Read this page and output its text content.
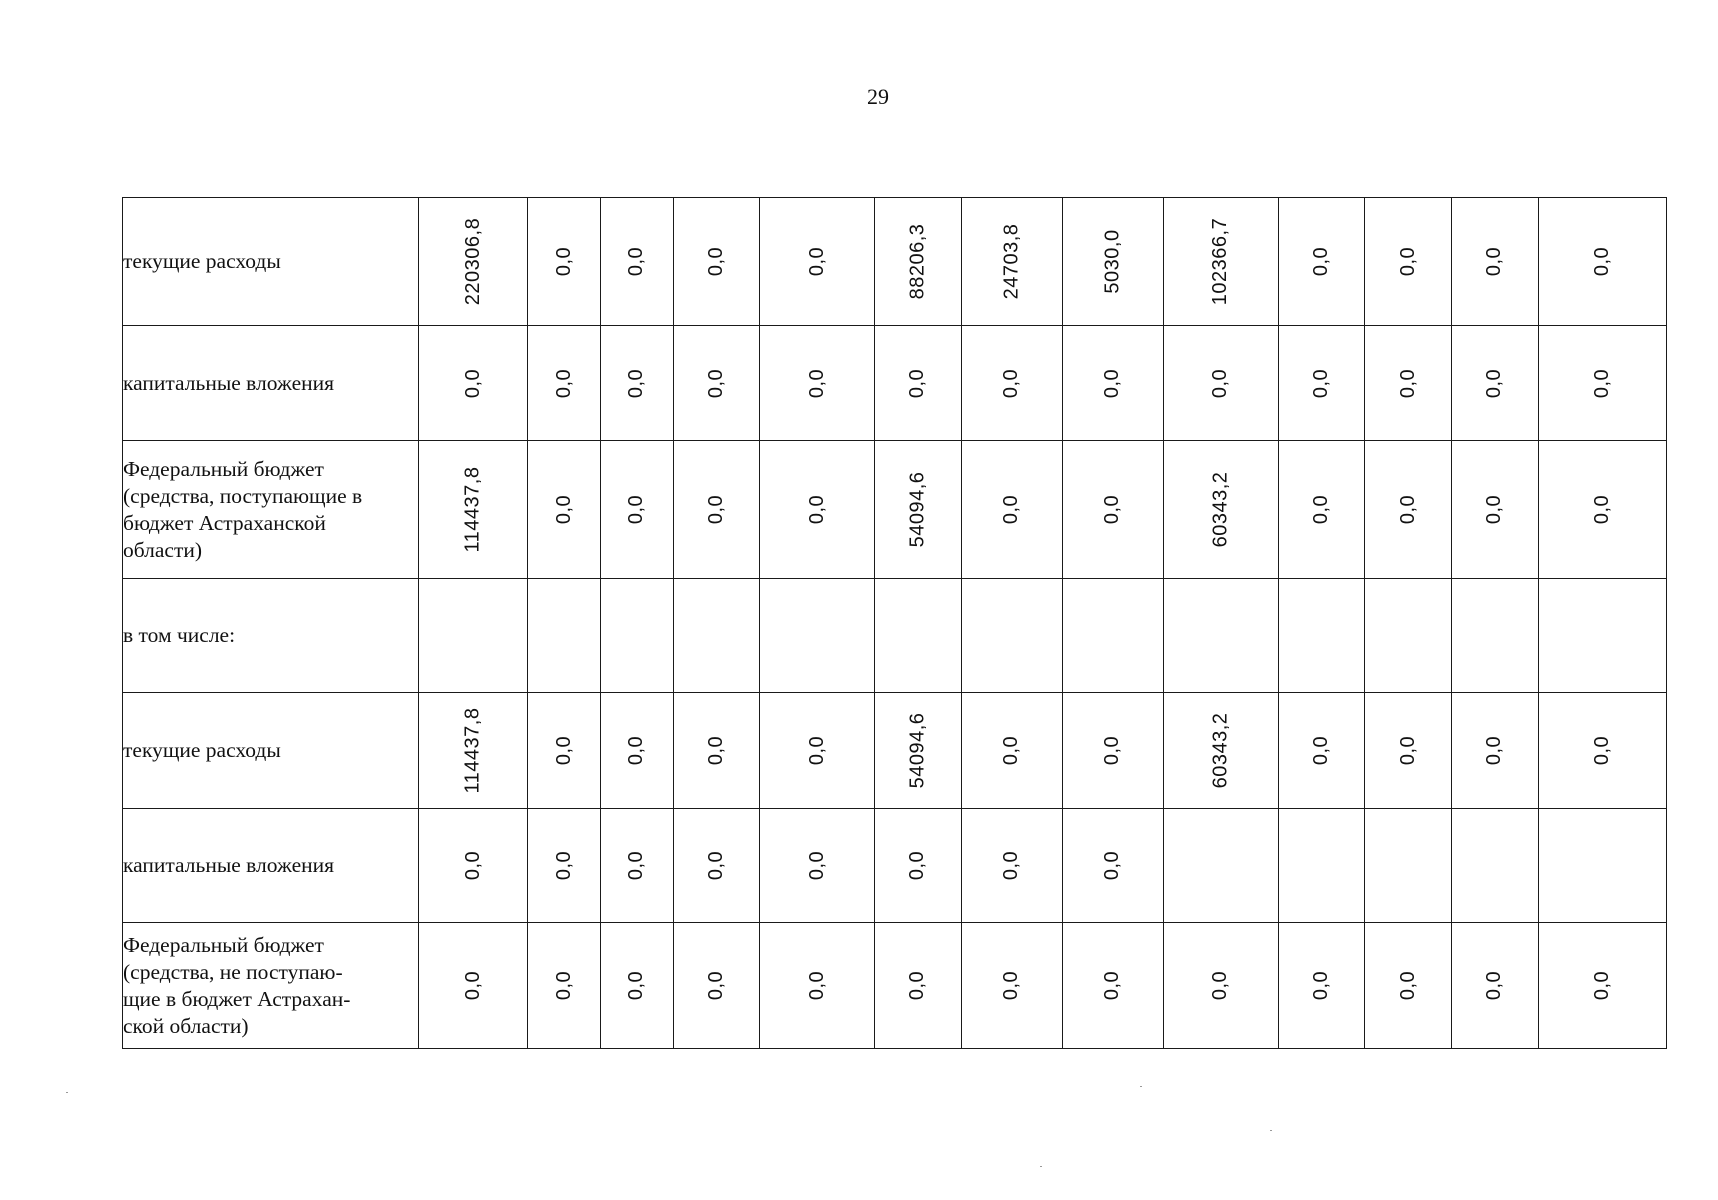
29
текущие расходы	220306,8	0,0	0,0	0,0	0,0	88206,3	24703,8	5030,0	102366,7	0,0	0,0	0,0	0,0
капитальные вложения	0,0	0,0	0,0	0,0	0,0	0,0	0,0	0,0	0,0	0,0	0,0	0,0	0,0
Федеральный бюджет
(средства, поступающие в
бюджет Астраханской
области)	114437,8	0,0	0,0	0,0	0,0	54094,6	0,0	0,0	60343,2	0,0	0,0	0,0	0,0
в том числе:													
текущие расходы	114437,8	0,0	0,0	0,0	0,0	54094,6	0,0	0,0	60343,2	0,0	0,0	0,0	0,0
капитальные вложения	0,0	0,0	0,0	0,0	0,0	0,0	0,0	0,0					
Федеральный бюджет
(средства, не поступаю-
щие в бюджет Астрахан-
ской области)	0,0	0,0	0,0	0,0	0,0	0,0	0,0	0,0	0,0	0,0	0,0	0,0	0,0
